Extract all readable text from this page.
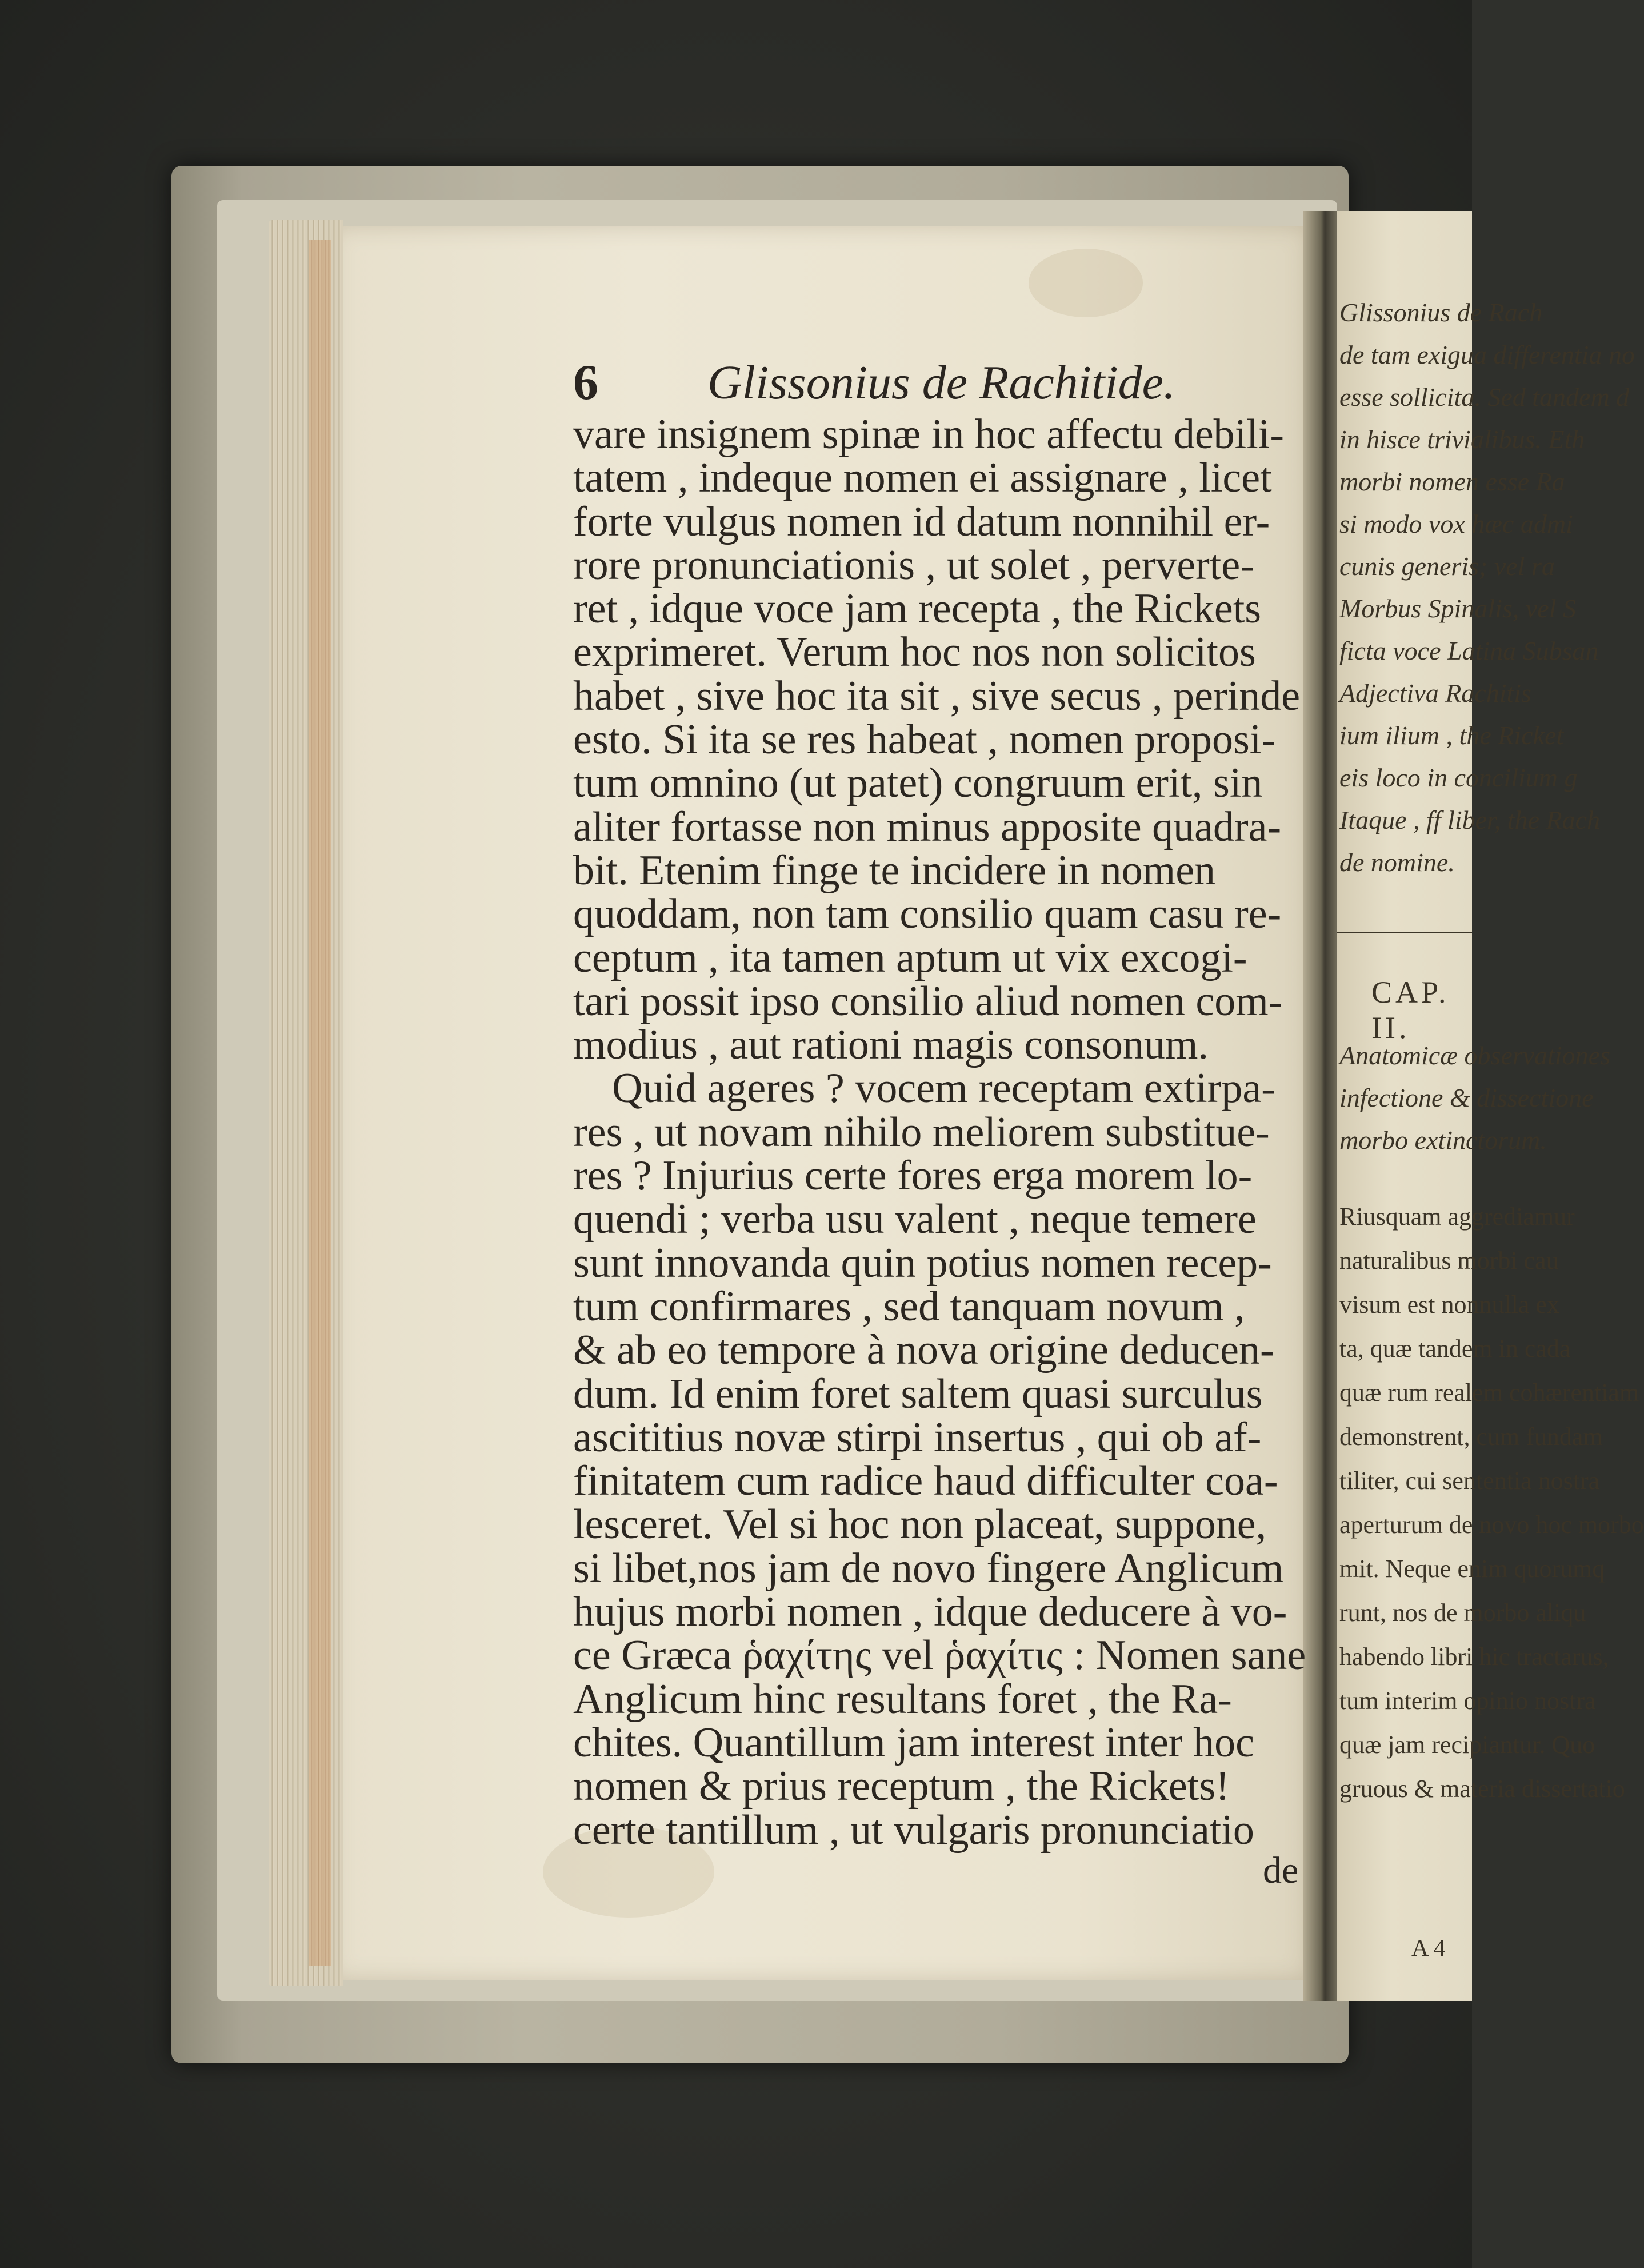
Glissonius de Rach
de tam exigua differentia no
esse sollicita. Sed tandem d
in hisce trivialibus. Eth
morbi nomen esse Ra
si modo vox hæc admi
cunis generis; vel ra
Morbus Spinalis, vel S
ficta voce Latina Subsan
Adjectiva Rachitis
ium ilium , the Ricket
eis loco in concilium g
Itaque , ff liber, the Rach
de nomine.
CAP. II.
Anatomicæ observationes
infectione & dissectione
morbo extinctorum.
Riusquam aggrediamur
naturalibus morbi cau
visum est nonnulla ex
ta, quæ tandem in cada
quæ rum realem cohærentiam
demonstrent, cum fundam
tiliter, cui sententia nostra
aperturum de novo hoc morbo
mit. Neque enim quorumq
runt, nos de morbo aliqu
habendo libri hic tractarus,
tum interim opinio nostra
quæ jam recipiantur. Quo
gruous & materia dissertatio
A 4
6 Glissonius de Rachitide.
vare insignem spinæ in hoc affectu debili-
tatem , indeque nomen ei assignare , licet
forte vulgus nomen id datum nonnihil er-
rore pronunciationis , ut solet , perverte-
ret , idque voce jam recepta , the Rickets
exprimeret. Verum hoc nos non solicitos
habet , sive hoc ita sit , sive secus , perinde
esto. Si ita se res habeat , nomen proposi-
tum omnino (ut patet) congruum erit, sin
aliter fortasse non minus apposite quadra-
bit. Etenim finge te incidere in nomen
quoddam, non tam consilio quam casu re-
ceptum , ita tamen aptum ut vix excogi-
tari possit ipso consilio aliud nomen com-
modius , aut rationi magis consonum.
Quid ageres ? vocem receptam extirpa-
res , ut novam nihilo meliorem substitue-
res ? Injurius certe fores erga morem lo-
quendi ; verba usu valent , neque temere
sunt innovanda quin potius nomen recep-
tum confirmares , sed tanquam novum ,
& ab eo tempore à nova origine deducen-
dum. Id enim foret saltem quasi surculus
ascititius novæ stirpi insertus , qui ob af-
finitatem cum radice haud difficulter coa-
lesceret. Vel si hoc non placeat, suppone,
si libet,nos jam de novo fingere Anglicum
hujus morbi nomen , idque deducere à vo-
ce Græca ῥαχίτης vel ῥαχίτις : Nomen sane
Anglicum hinc resultans foret , the Ra-
chites. Quantillum jam interest inter hoc
nomen & prius receptum , the Rickets!
certe tantillum , ut vulgaris pronunciatio
de
